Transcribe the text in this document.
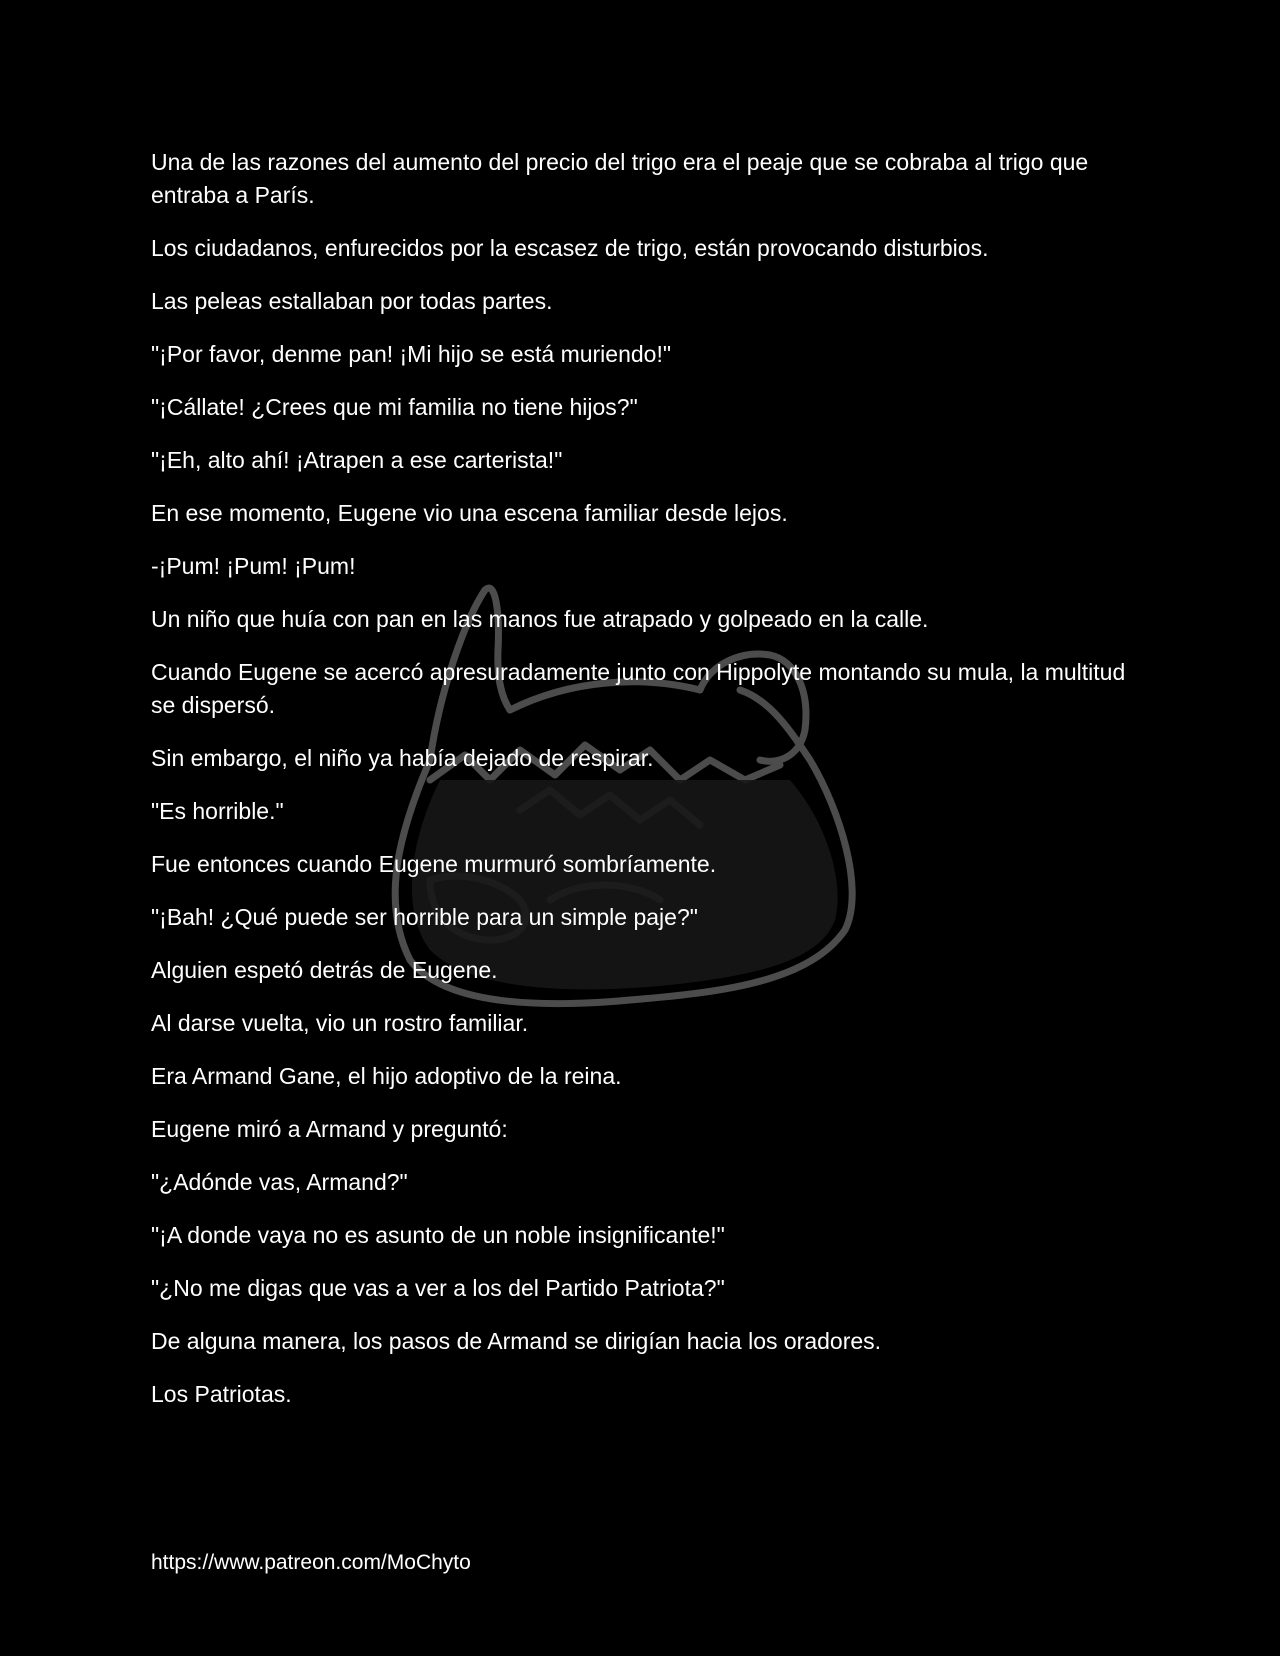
Una de las razones del aumento del precio del trigo era el peaje que se cobraba al trigo que entraba a París.

Los ciudadanos, enfurecidos por la escasez de trigo, están provocando disturbios.

Las peleas estallaban por todas partes.

"¡Por favor, denme pan! ¡Mi hijo se está muriendo!"

"¡Cállate! ¿Crees que mi familia no tiene hijos?"

"¡Eh, alto ahí! ¡Atrapen a ese carterista!"

En ese momento, Eugene vio una escena familiar desde lejos.

-¡Pum! ¡Pum! ¡Pum!

Un niño que huía con pan en las manos fue atrapado y golpeado en la calle.

Cuando Eugene se acercó apresuradamente junto con Hippolyte montando su mula, la multitud se dispersó.

Sin embargo, el niño ya había dejado de respirar.

"Es horrible."

Fue entonces cuando Eugene murmuró sombríamente.

"¡Bah! ¿Qué puede ser horrible para un simple paje?"

Alguien espetó detrás de Eugene.

Al darse vuelta, vio un rostro familiar.

Era Armand Gane, el hijo adoptivo de la reina.

Eugene miró a Armand y preguntó:

"¿Adónde vas, Armand?"

"¡A donde vaya no es asunto de un noble insignificante!"

"¿No me digas que vas a ver a los del Partido Patriota?"

De alguna manera, los pasos de Armand se dirigían hacia los oradores.

Los Patriotas.

https://www.patreon.com/MoChyto
